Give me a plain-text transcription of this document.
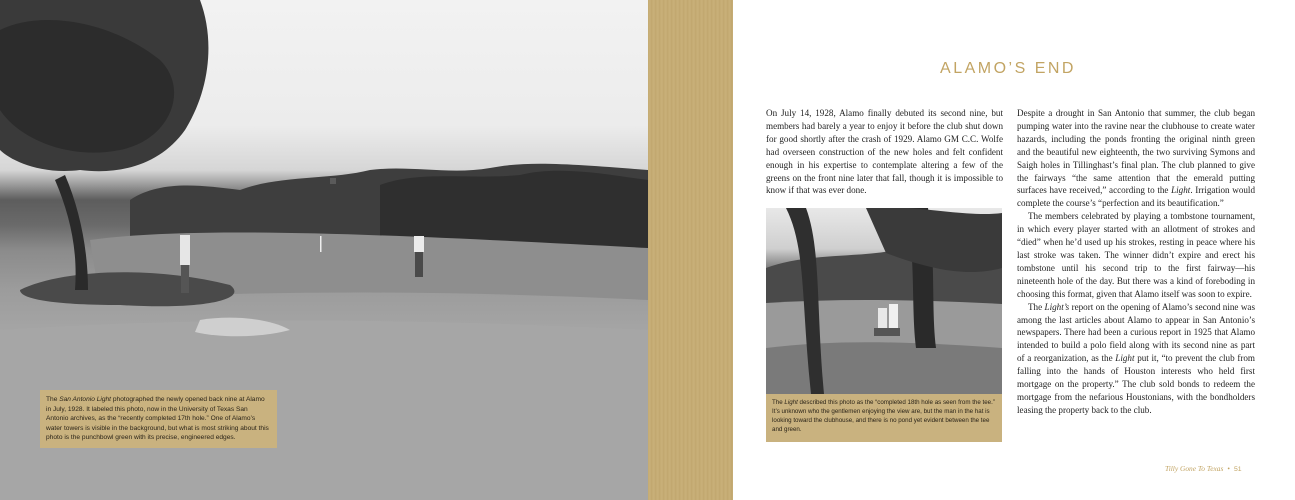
The San Antonio Light photographed the newly opened back nine at Alamo in July, 1928. It labeled this photo, now in the University of Texas San Antonio archives, as the “recently completed 17th hole.” One of Alamo’s water towers is visible in the background, but what is most striking about this photo is the punchbowl green with its precise, engineered edges.
ALAMO’S END

On July 14, 1928, Alamo finally debuted its second nine, but members had barely a year to enjoy it before the club shut down for good shortly after the crash of 1929. Alamo GM C.C. Wolfe had overseen construction of the new holes and felt confident enough in his expertise to contemplate altering a few of the greens on the front nine later that fall, though it is impossible to know if that was ever done.

The Light described this photo as the “completed 18th hole as seen from the tee.” It’s unknown who the gentlemen enjoying the view are, but the man in the hat is looking toward the clubhouse, and there is no pond yet evident between the tee and green.

Despite a drought in San Antonio that summer, the club began pumping water into the ravine near the clubhouse to create water hazards, including the ponds fronting the original ninth green and the beautiful new eighteenth, the two surviving Symons and Saigh holes in Tillinghast’s final plan. The club planned to give the fairways “the same attention that the emerald putting surfaces have received,” according to the Light. Irrigation would complete the course’s “perfection and its beautification.”

The members celebrated by playing a tombstone tournament, in which every player started with an allotment of strokes and “died” when he’d used up his strokes, resting in peace where his last stroke was taken. The winner didn’t expire and erect his tombstone until his second trip to the first fairway—his nineteenth hole of the day. But there was a kind of foreboding in choosing this format, given that Alamo itself was soon to expire.

The Light’s report on the opening of Alamo’s second nine was among the last articles about Alamo to appear in San Antonio’s newspapers. There had been a curious report in 1925 that Alamo intended to build a polo field along with its second nine as part of a reorganization, as the Light put it, “to prevent the club from falling into the hands of Houston interests who held first mortgage on the property.” The club sold bonds to redeem the mortgage from the nefarious Houstonians, with the bondholders leasing the property back to the club.

Tilly Gone To Texas • 51
